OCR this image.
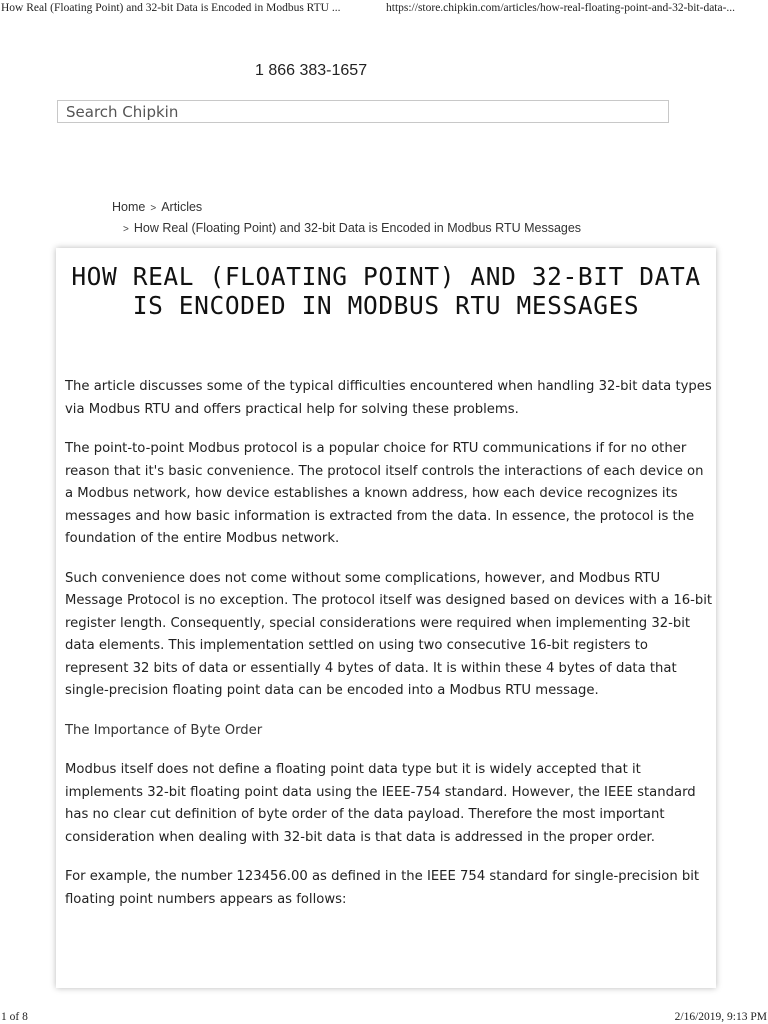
How Real (Floating Point) and 32-bit Data is Encoded in Modbus RTU ...	https://store.chipkin.com/articles/how-real-floating-point-and-32-bit-data-...
1 866 383-1657
Search Chipkin
Home > Articles
> How Real (Floating Point) and 32-bit Data is Encoded in Modbus RTU Messages
HOW REAL (FLOATING POINT) AND 32-BIT DATA IS ENCODED IN MODBUS RTU MESSAGES

The article discusses some of the typical difficulties encountered when handling 32-bit data types via Modbus RTU and offers practical help for solving these problems.

The point-to-point Modbus protocol is a popular choice for RTU communications if for no other reason that it's basic convenience. The protocol itself controls the interactions of each device on a Modbus network, how device establishes a known address, how each device recognizes its messages and how basic information is extracted from the data. In essence, the protocol is the foundation of the entire Modbus network.

Such convenience does not come without some complications, however, and Modbus RTU Message Protocol is no exception. The protocol itself was designed based on devices with a 16-bit register length. Consequently, special considerations were required when implementing 32-bit data elements. This implementation settled on using two consecutive 16-bit registers to represent 32 bits of data or essentially 4 bytes of data. It is within these 4 bytes of data that single-precision floating point data can be encoded into a Modbus RTU message.

The Importance of Byte Order

Modbus itself does not define a floating point data type but it is widely accepted that it implements 32-bit floating point data using the IEEE-754 standard. However, the IEEE standard has no clear cut definition of byte order of the data payload. Therefore the most important consideration when dealing with 32-bit data is that data is addressed in the proper order.

For example, the number 123456.00 as defined in the IEEE 754 standard for single-precision bit floating point numbers appears as follows:

1 of 8	2/16/2019, 9:13 PM
